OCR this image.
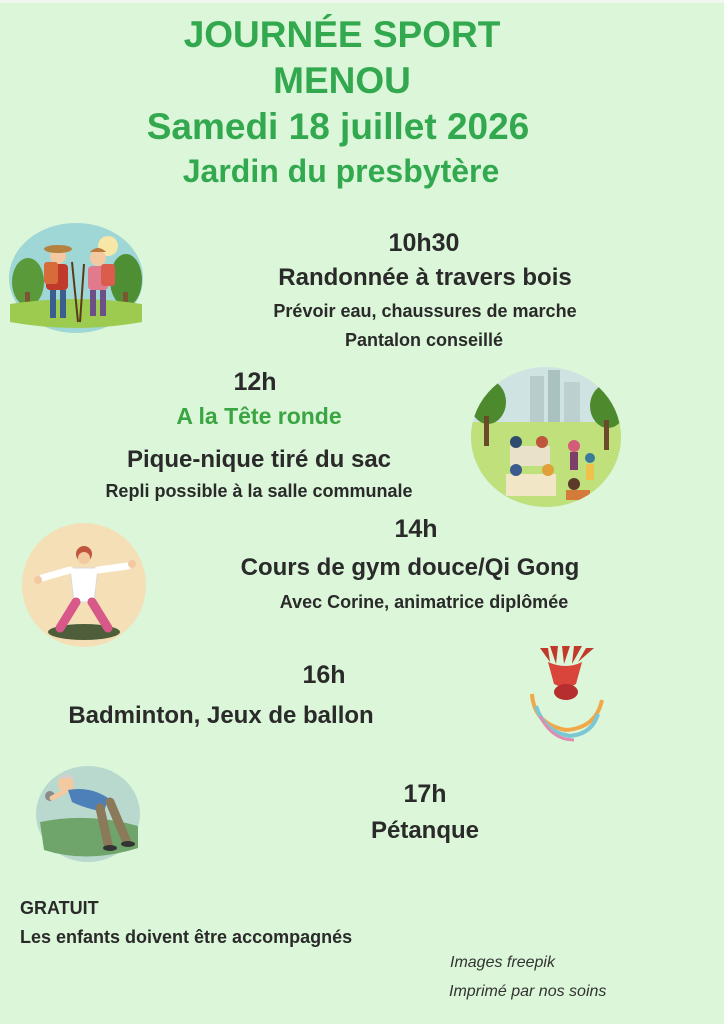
JOURNÉE SPORT
MENOU
Samedi 18 juillet 2026
Jardin du presbytère
10h30
Randonnée à travers bois
Prévoir eau, chaussures de marche
Pantalon conseillé
12h
A la Tête ronde
Pique-nique tiré du sac
Repli possible à la salle communale
14h
Cours de gym douce/Qi Gong
Avec Corine, animatrice diplômée
16h
Badminton, Jeux de ballon
17h
Pétanque
GRATUIT
Les enfants doivent être accompagnés
Images freepik
Imprimé par nos soins
